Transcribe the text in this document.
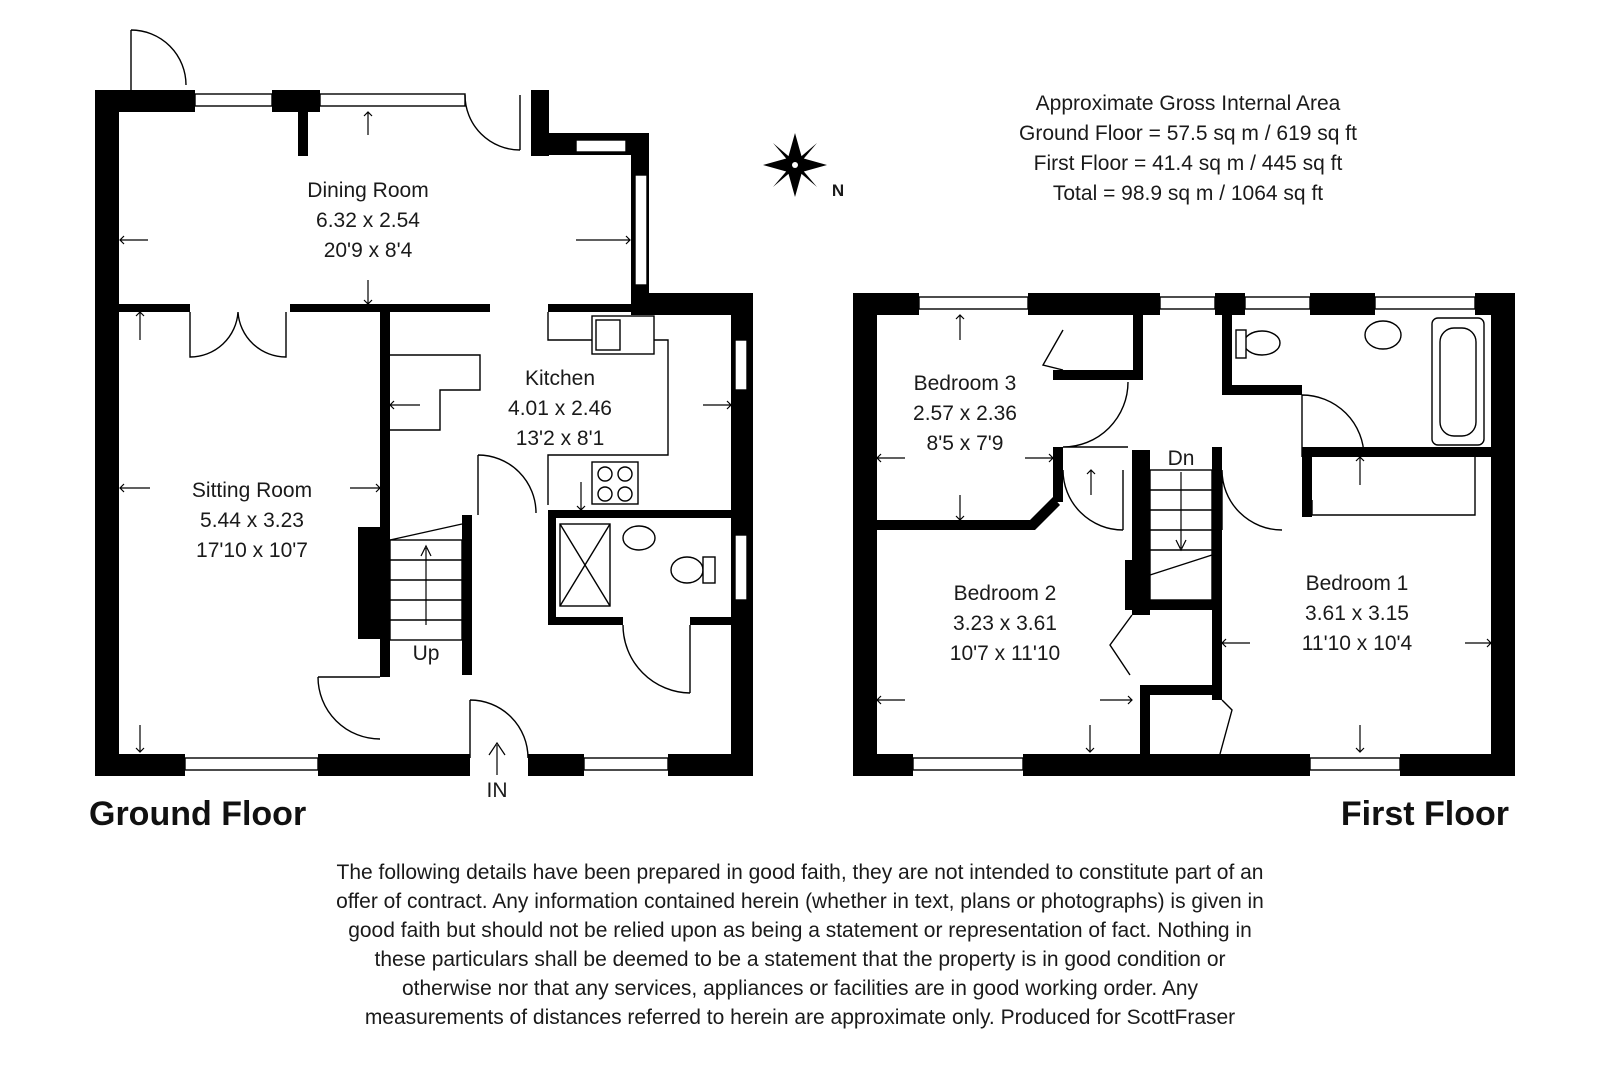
Approximate Gross Internal Area
Ground Floor = 57.5 sq m / 619 sq ft
First Floor = 41.4 sq m / 445 sq ft
Total = 98.9 sq m / 1064 sq ft
N
Dining Room
6.32 x 2.54
20'9 x 8'4
Kitchen
4.01 x 2.46
13'2 x 8'1
Sitting Room
5.44 x 3.23
17'10 x 10'7
Up
IN
Bedroom 3
2.57 x 2.36
8'5 x 7'9
Bedroom 2
3.23 x 3.61
10'7 x 11'10
Bedroom 1
3.61 x 3.15
11'10 x 10'4
Dn
Ground Floor	First Floor
The following details have been prepared in good faith, they are not intended to constitute part of an
offer of contract. Any information contained herein (whether in text, plans or photographs) is given in
good faith but should not be relied upon as being a statement or representation of fact. Nothing in
these particulars shall be deemed to be a statement that the property is in good condition or
otherwise nor that any services, appliances or facilities are in good working order. Any
measurements of distances referred to herein are approximate only. Produced for ScottFraser
